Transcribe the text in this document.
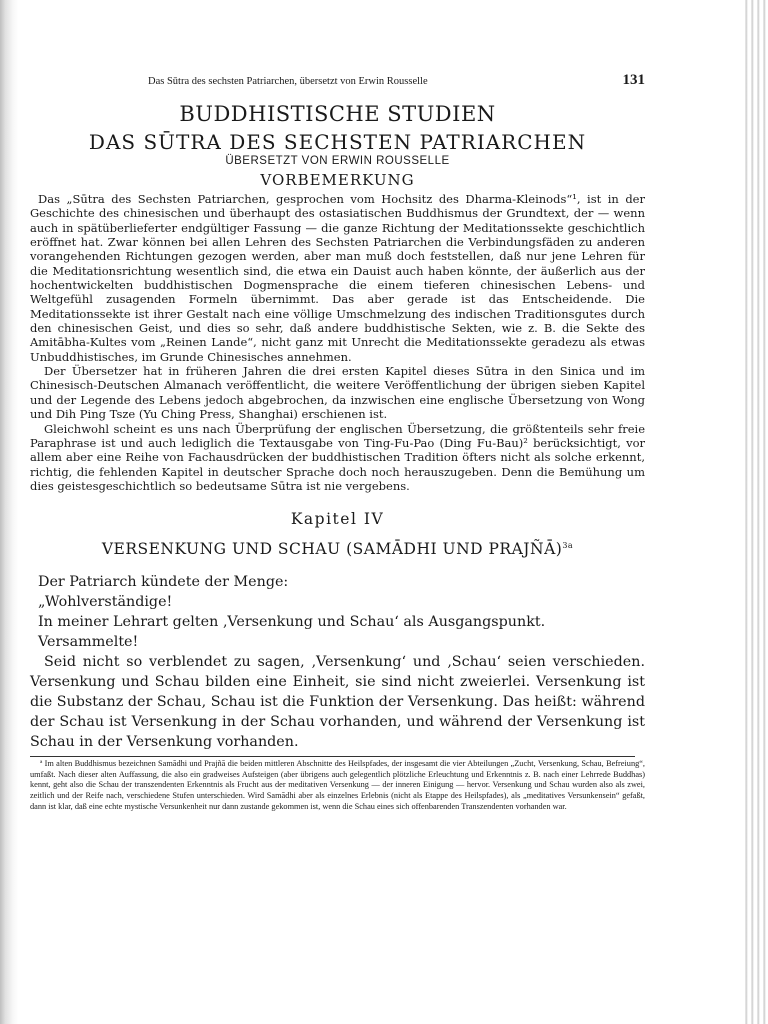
Das Sūtra des sechsten Patriarchen, übersetzt von Erwin Rousselle	131
BUDDHISTISCHE STUDIEN
DAS SŪTRA DES SECHSTEN PATRIARCHEN
ÜBERSETZT VON ERWIN ROUSSELLE
VORBEMERKUNG

Das „Sūtra des Sechsten Patriarchen, gesprochen vom Hochsitz des Dharma-Kleinods“¹, ist in der Geschichte des chinesischen und überhaupt des ostasiatischen Buddhismus der Grundtext, der — wenn auch in spätüberlieferter endgültiger Fassung — die ganze Richtung der Meditationssekte geschichtlich eröffnet hat. Zwar können bei allen Lehren des Sechsten Patriarchen die Verbindungsfäden zu anderen vorangehenden Richtungen gezogen werden, aber man muß doch feststellen, daß nur jene Lehren für die Meditationsrichtung wesentlich sind, die etwa ein Dauist auch haben könnte, der äußerlich aus der hochentwickelten buddhistischen Dogmensprache die einem tieferen chinesischen Lebens- und Weltgefühl zusagenden Formeln übernimmt. Das aber gerade ist das Entscheidende. Die Meditationssekte ist ihrer Gestalt nach eine völlige Umschmelzung des indischen Traditionsgutes durch den chinesischen Geist, und dies so sehr, daß andere buddhistische Sekten, wie z. B. die Sekte des Amitābha-Kultes vom „Reinen Lande“, nicht ganz mit Unrecht die Meditationssekte geradezu als etwas Unbuddhistisches, im Grunde Chinesisches annehmen.

Der Übersetzer hat in früheren Jahren die drei ersten Kapitel dieses Sūtra in den Sinica und im Chinesisch-Deutschen Almanach veröffentlicht, die weitere Veröffentlichung der übrigen sieben Kapitel und der Legende des Lebens jedoch abgebrochen, da inzwischen eine englische Übersetzung von Wong und Dih Ping Tsze (Yu Ching Press, Shanghai) erschienen ist.

Gleichwohl scheint es uns nach Überprüfung der englischen Übersetzung, die größtenteils sehr freie Paraphrase ist und auch lediglich die Textausgabe von Ting-Fu-Pao (Ding Fu-Bau)² berücksichtigt, vor allem aber eine Reihe von Fachausdrücken der buddhistischen Tradition öfters nicht als solche erkennt, richtig, die fehlenden Kapitel in deutscher Sprache doch noch herauszugeben. Denn die Bemühung um dies geistesgeschichtlich so bedeutsame Sūtra ist nie vergebens.

Kapitel IV
VERSENKUNG UND SCHAU (SAMĀDHI UND PRAJÑĀ)$^{3a}$

Der Patriarch kündete der Menge:

„Wohlverständige!

In meiner Lehrart gelten ‚Versenkung und Schau‘ als Ausgangspunkt.

Versammelte!

Seid nicht so verblendet zu sagen, ‚Versenkung‘ und ‚Schau‘ seien verschieden. Versenkung und Schau bilden eine Einheit, sie sind nicht zweierlei. Versenkung ist die Substanz der Schau, Schau ist die Funktion der Versenkung. Das heißt: während der Schau ist Versenkung in der Schau vorhanden, und während der Versenkung ist Schau in der Versenkung vorhanden.

ª Im alten Buddhismus bezeichnen Samādhi und Prajñā die beiden mittleren Abschnitte des Heilspfades, der insgesamt die vier Abteilungen „Zucht, Versenkung, Schau, Befreiung“, umfaßt. Nach dieser alten Auffassung, die also ein gradweises Aufsteigen (aber übrigens auch gelegentlich plötzliche Erleuchtung und Erkenntnis z. B. nach einer Lehrrede Buddhas) kennt, geht also die Schau der transzendenten Erkenntnis als Frucht aus der meditativen Versenkung — der inneren Einigung — hervor. Versenkung und Schau wurden also als zwei, zeitlich und der Reife nach, verschiedene Stufen unterschieden. Wird Samādhi aber als einzelnes Erlebnis (nicht als Etappe des Heilspfades), als „meditatives Versunkensein“ gefaßt, dann ist klar, daß eine echte mystische Versunkenheit nur dann zustande gekommen ist, wenn die Schau eines sich offenbarenden Transzendenten vorhanden war.
